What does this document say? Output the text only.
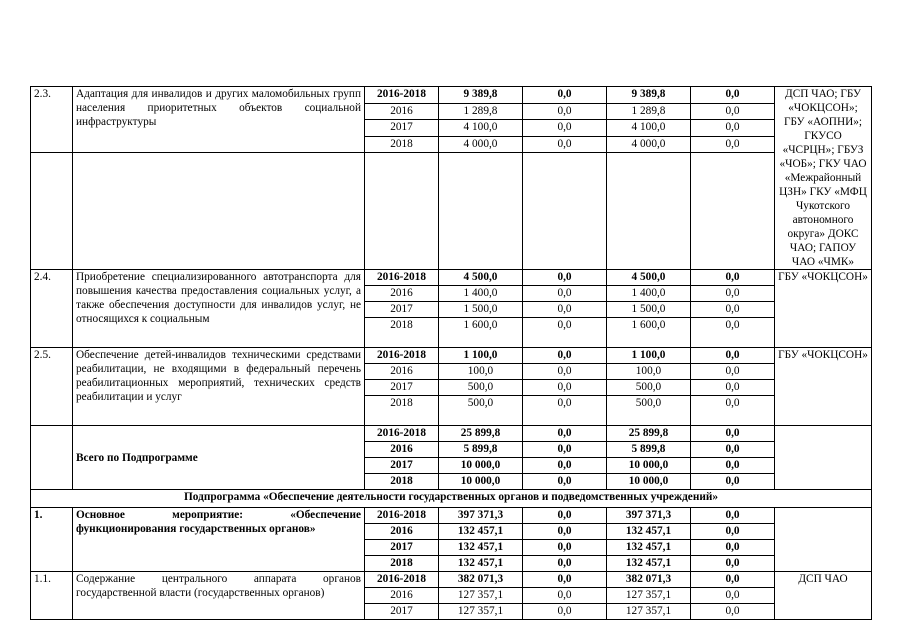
2.3.	Адаптация для инвалидов и других маломобильных групп населения приоритетных объектов социальной инфраструктуры	2016-2018	9 389,8	0,0	9 389,8	0,0	ДСП ЧАО; ГБУ «ЧОКЦСОН»; ГБУ «АОПНИ»; ГКУСО «ЧСРЦН»; ГБУЗ «ЧОБ»; ГКУ ЧАО «Межрайонный ЦЗН» ГКУ «МФЦ Чукотского автономного округа» ДОКС ЧАО; ГАПОУ ЧАО «ЧМК»
		2016	1 289,8	0,0	1 289,8	0,0	
		2017	4 100,0	0,0	4 100,0	0,0	
		2018	4 000,0	0,0	4 000,0	0,0	

2.4.	Приобретение специализированного автотранспорта для повышения качества предоставления социальных услуг, а также обеспечения доступности для инвалидов услуг, не относящихся к социальным	2016-2018	4 500,0	0,0	4 500,0	0,0	ГБУ «ЧОКЦСОН»
		2016	1 400,0	0,0	1 400,0	0,0	
		2017	1 500,0	0,0	1 500,0	0,0	
		2018	1 600,0	0,0	1 600,0	0,0	
2.5.	Обеспечение детей-инвалидов техническими средствами реабилитации, не входящими в федеральный перечень реабилитационных мероприятий, технических средств реабилитации и услуг	2016-2018	1 100,0	0,0	1 100,0	0,0	ГБУ «ЧОКЦСОН»
		2016	100,0	0,0	100,0	0,0	
		2017	500,0	0,0	500,0	0,0	
		2018	500,0	0,0	500,0	0,0	
	Всего по Подпрограмме	2016-2018	25 899,8	0,0	25 899,8	0,0	
		2016	5 899,8	0,0	5 899,8	0,0	
		2017	10 000,0	0,0	10 000,0	0,0	
		2018	10 000,0	0,0	10 000,0	0,0	
Подпрограмма «Обеспечение деятельности государственных органов и подведомственных учреждений»							
1.	Основное мероприятие: «Обеспечение функционирования государственных органов»	2016-2018	397 371,3	0,0	397 371,3	0,0	
		2016	132 457,1	0,0	132 457,1	0,0	
		2017	132 457,1	0,0	132 457,1	0,0	
		2018	132 457,1	0,0	132 457,1	0,0	
1.1.	Содержание центрального аппарата органов государственной власти (государственных органов)	2016-2018	382 071,3	0,0	382 071,3	0,0	ДСП ЧАО
		2016	127 357,1	0,0	127 357,1	0,0	
		2017	127 357,1	0,0	127 357,1	0,0	
